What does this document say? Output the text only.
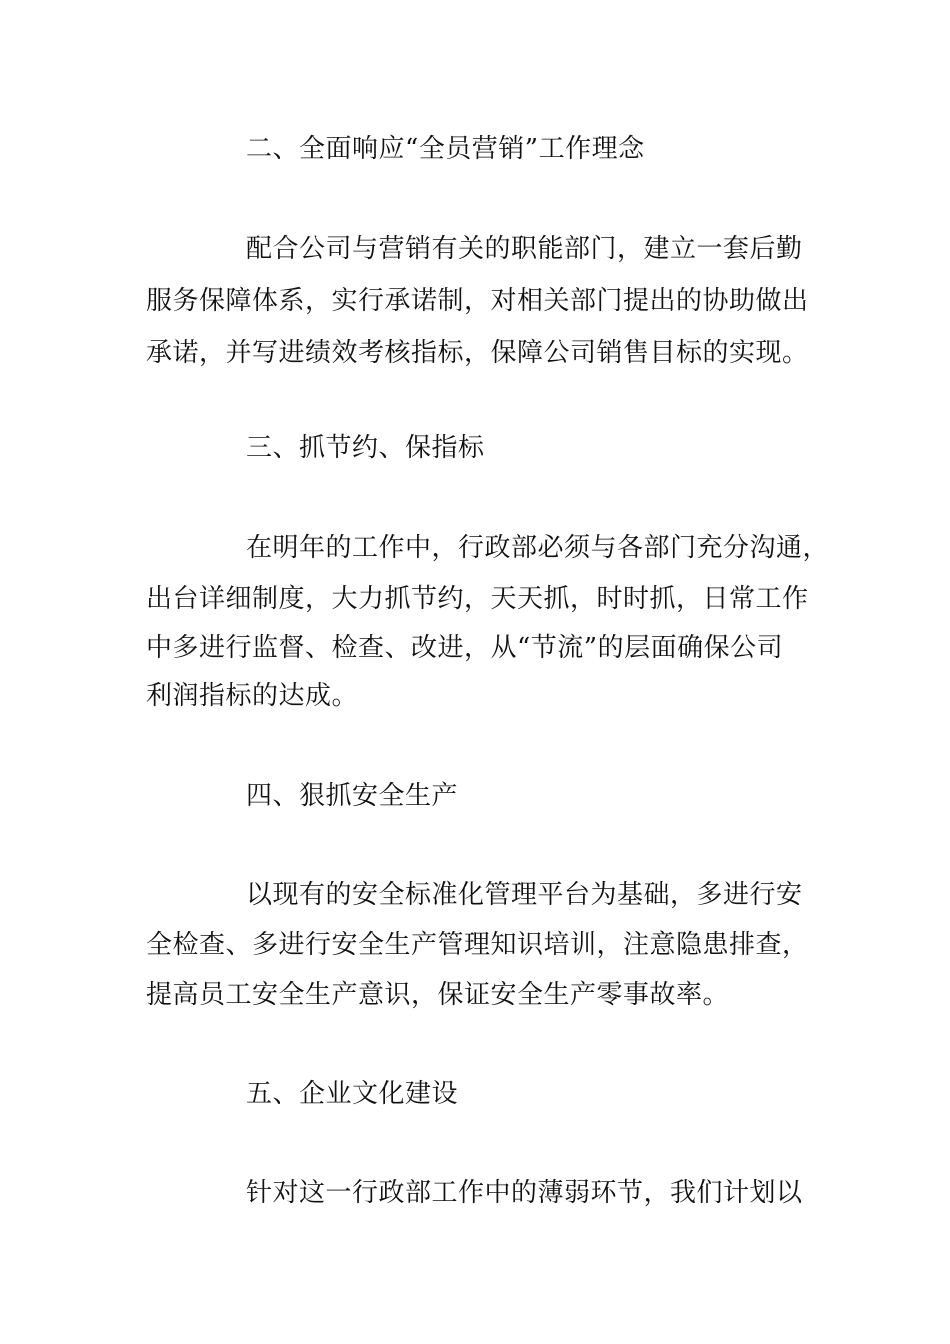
二、全面响应“全员营销”工作理念
配合公司与营销有关的职能部门，建立一套后勤
服务保障体系，实行承诺制，对相关部门提出的协助做出
承诺，并写进绩效考核指标，保障公司销售目标的实现。
三、抓节约、保指标
在明年的工作中，行政部必须与各部门充分沟通，
出台详细制度，大力抓节约，天天抓，时时抓，日常工作
中多进行监督、检查、改进，从“节流”的层面确保公司
利润指标的达成。
四、狠抓安全生产
以现有的安全标准化管理平台为基础，多进行安
全检查、多进行安全生产管理知识培训，注意隐患排查，
提高员工安全生产意识，保证安全生产零事故率。
五、企业文化建设
针对这一行政部工作中的薄弱环节，我们计划以
